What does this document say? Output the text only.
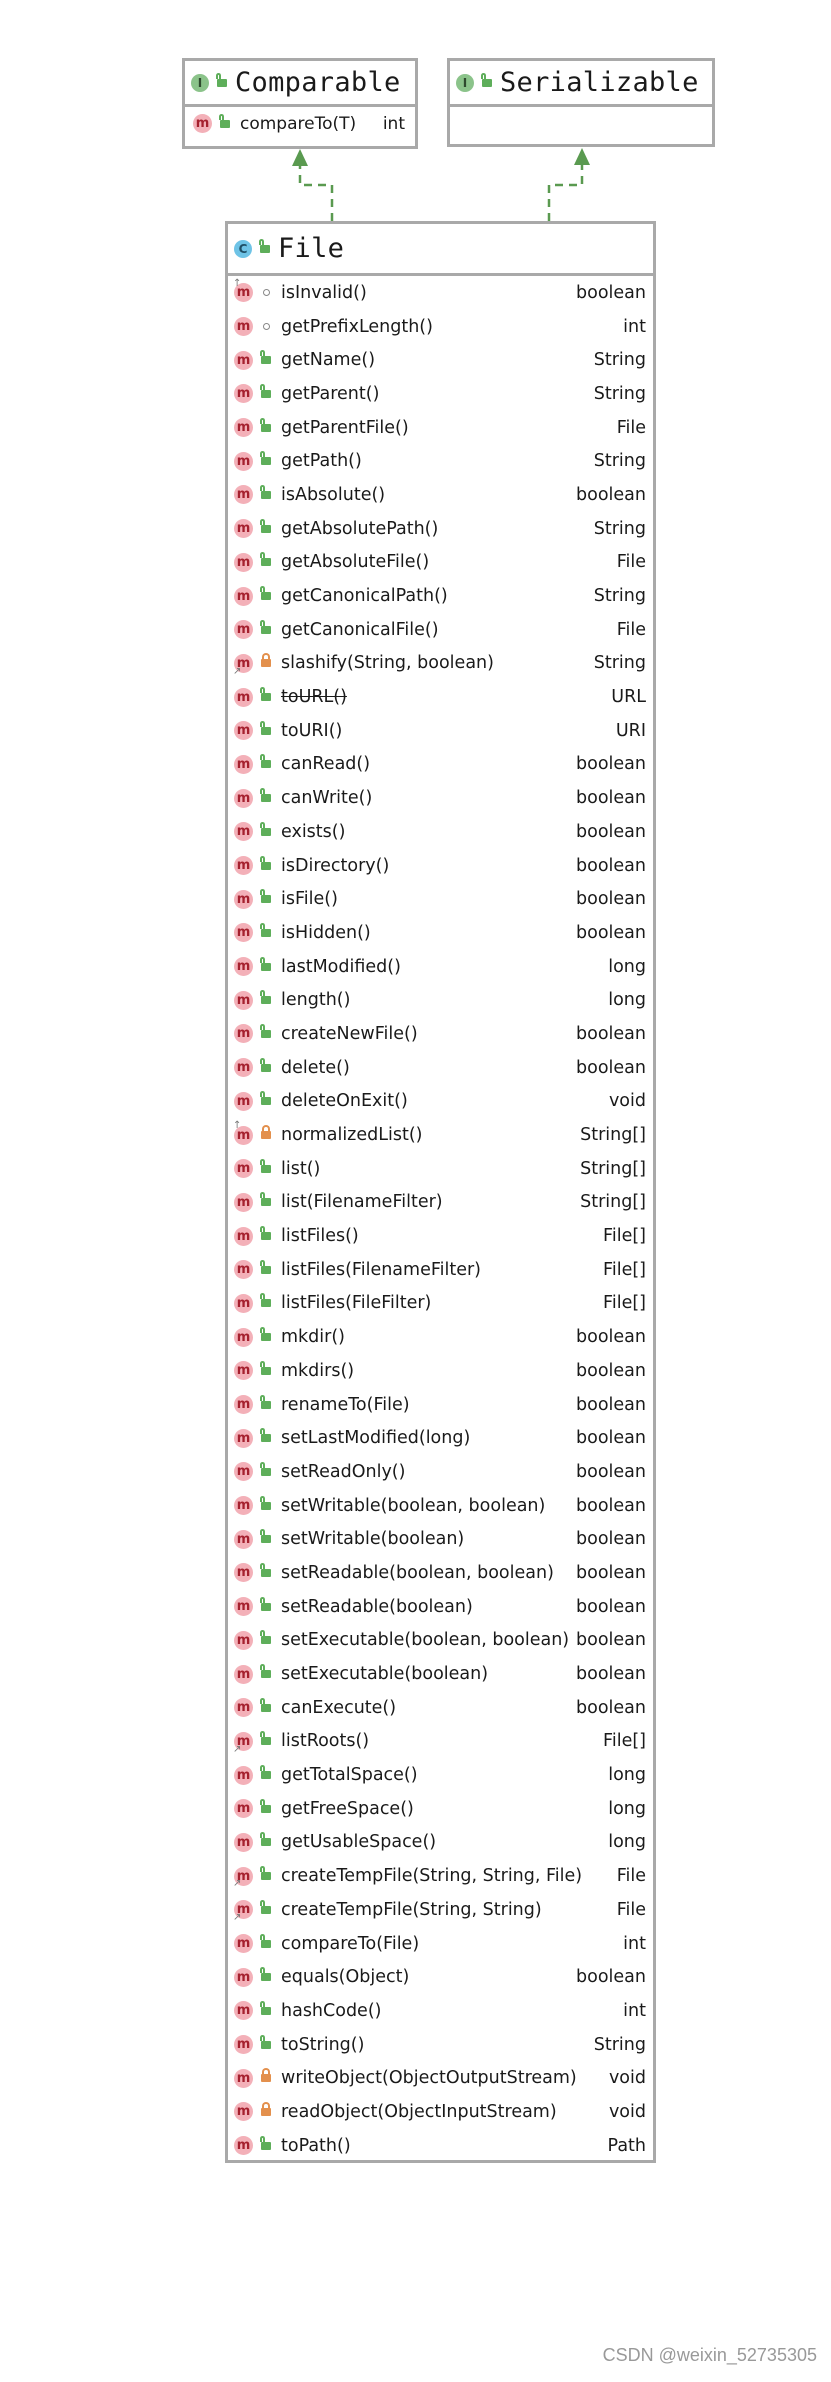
I Comparable
m compareTo(T) int
I Serializable
C File
m
↑ isInvalid()	boolean
m getPrefixLength()	int
m getName()	String
m getParent()	String
m getParentFile()	File
m getPath()	String
m isAbsolute()	boolean
m getAbsolutePath()	String
m getAbsoluteFile()	File
m getCanonicalPath()	String
m getCanonicalFile()	File
m
↗ slashify(String, boolean)	String
m toURL()	URL
m toURI()	URI
m canRead()	boolean
m canWrite()	boolean
m exists()	boolean
m isDirectory()	boolean
m isFile()	boolean
m isHidden()	boolean
m lastModified()	long
m length()	long
m createNewFile()	boolean
m delete()	boolean
m deleteOnExit()	void
m
↑ normalizedList()	String[]
m list()	String[]
m list(FilenameFilter)	String[]
m listFiles()	File[]
m listFiles(FilenameFilter)	File[]
m listFiles(FileFilter)	File[]
m mkdir()	boolean
m mkdirs()	boolean
m renameTo(File)	boolean
m setLastModified(long)	boolean
m setReadOnly()	boolean
m setWritable(boolean, boolean) boolean
m setWritable(boolean)	boolean
m setReadable(boolean, boolean) boolean
m setReadable(boolean)	boolean
m setExecutable(boolean, boolean) boolean
m setExecutable(boolean)	boolean
m canExecute()	boolean
m
↗ listRoots()	File[]
m getTotalSpace()	long
m getFreeSpace()	long
m getUsableSpace()	long
m
↗ createTempFile(String, String, File) File
m
↗ createTempFile(String, String)	File
m compareTo(File)	int
m equals(Object)	boolean
m hashCode()	int
m toString()	String
m writeObject(ObjectOutputStream) void
m readObject(ObjectInputStream)	void
m toPath()	Path
CSDN @weixin_52735305
